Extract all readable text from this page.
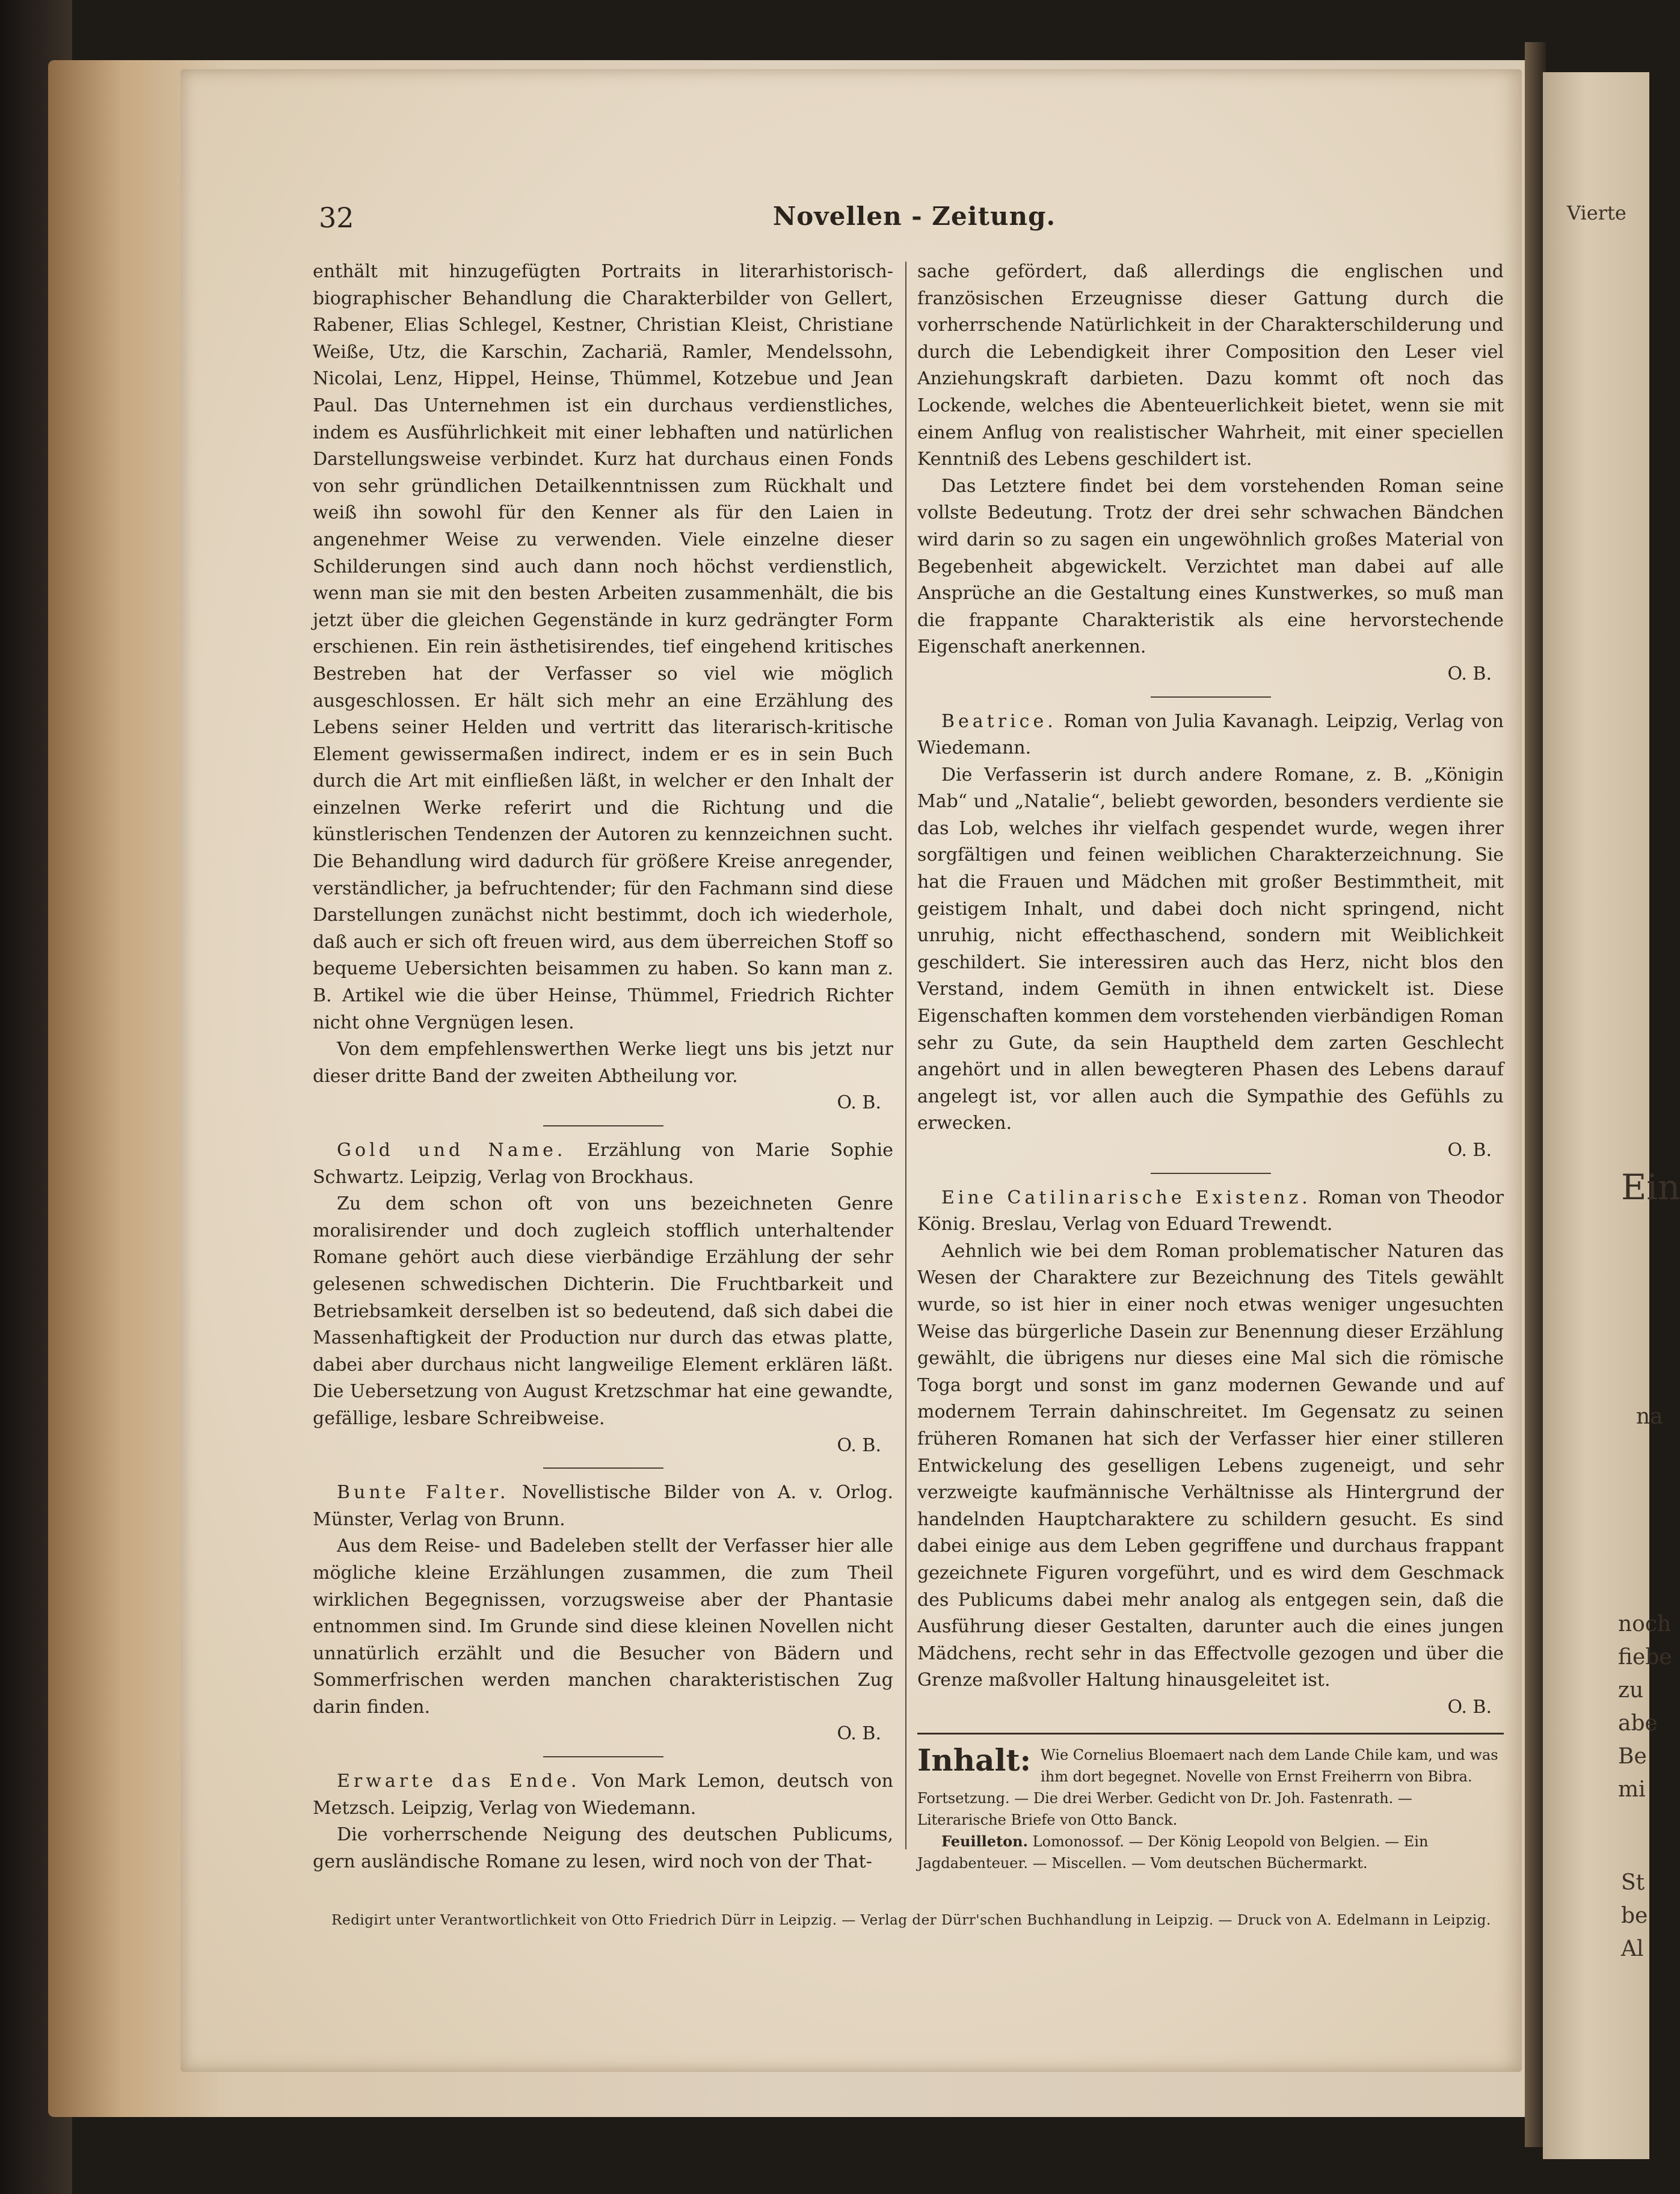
Vierte
Ein
na
noch
fiebe
zu
abe
Be
mi
St
be
Al
32	Novellen - Zeitung.

enthält mit hinzugefügten Portraits in literarhistorisch-biographischer Behandlung die Charakterbilder von Gellert, Rabener, Elias Schlegel, Kestner, Christian Kleist, Christiane Weiße, Utz, die Karschin, Zachariä, Ramler, Mendelssohn, Nicolai, Lenz, Hippel, Heinse, Thümmel, Kotzebue und Jean Paul. Das Unternehmen ist ein durchaus verdienstliches, indem es Ausführlichkeit mit einer lebhaften und natürlichen Darstellungsweise verbindet. Kurz hat durchaus einen Fonds von sehr gründlichen Detailkenntnissen zum Rückhalt und weiß ihn sowohl für den Kenner als für den Laien in angenehmer Weise zu verwenden. Viele einzelne dieser Schilderungen sind auch dann noch höchst verdienstlich, wenn man sie mit den besten Arbeiten zusammenhält, die bis jetzt über die gleichen Gegenstände in kurz gedrängter Form erschienen. Ein rein ästhetisirendes, tief eingehend kritisches Bestreben hat der Verfasser so viel wie möglich ausgeschlossen. Er hält sich mehr an eine Erzählung des Lebens seiner Helden und vertritt das literarisch-kritische Element gewissermaßen indirect, indem er es in sein Buch durch die Art mit einfließen läßt, in welcher er den Inhalt der einzelnen Werke referirt und die Richtung und die künstlerischen Tendenzen der Autoren zu kennzeichnen sucht. Die Behandlung wird dadurch für größere Kreise anregender, verständlicher, ja befruchtender; für den Fachmann sind diese Darstellungen zunächst nicht bestimmt, doch ich wiederhole, daß auch er sich oft freuen wird, aus dem überreichen Stoff so bequeme Uebersichten beisammen zu haben. So kann man z. B. Artikel wie die über Heinse, Thümmel, Friedrich Richter nicht ohne Vergnügen lesen.

Von dem empfehlenswerthen Werke liegt uns bis jetzt nur dieser dritte Band der zweiten Abtheilung vor.

O. B.

Gold und Name. Erzählung von Marie Sophie Schwartz. Leipzig, Verlag von Brockhaus.

Zu dem schon oft von uns bezeichneten Genre moralisirender und doch zugleich stofflich unterhaltender Romane gehört auch diese vierbändige Erzählung der sehr gelesenen schwedischen Dichterin. Die Fruchtbarkeit und Betriebsamkeit derselben ist so bedeutend, daß sich dabei die Massenhaftigkeit der Production nur durch das etwas platte, dabei aber durchaus nicht langweilige Element erklären läßt. Die Uebersetzung von August Kretzschmar hat eine gewandte, gefällige, lesbare Schreibweise.

O. B.

Bunte Falter. Novellistische Bilder von A. v. Orlog. Münster, Verlag von Brunn.

Aus dem Reise- und Badeleben stellt der Verfasser hier alle mögliche kleine Erzählungen zusammen, die zum Theil wirklichen Begegnissen, vorzugsweise aber der Phantasie entnommen sind. Im Grunde sind diese kleinen Novellen nicht unnatürlich erzählt und die Besucher von Bädern und Sommerfrischen werden manchen charakteristischen Zug darin finden.

O. B.

Erwarte das Ende. Von Mark Lemon, deutsch von Metzsch. Leipzig, Verlag von Wiedemann.

Die vorherrschende Neigung des deutschen Publicums, gern ausländische Romane zu lesen, wird noch von der That-

sache gefördert, daß allerdings die englischen und französischen Erzeugnisse dieser Gattung durch die vorherrschende Natürlichkeit in der Charakterschilderung und durch die Lebendigkeit ihrer Composition den Leser viel Anziehungskraft darbieten. Dazu kommt oft noch das Lockende, welches die Abenteuerlichkeit bietet, wenn sie mit einem Anflug von realistischer Wahrheit, mit einer speciellen Kenntniß des Lebens geschildert ist.

Das Letztere findet bei dem vorstehenden Roman seine vollste Bedeutung. Trotz der drei sehr schwachen Bändchen wird darin so zu sagen ein ungewöhnlich großes Material von Begebenheit abgewickelt. Verzichtet man dabei auf alle Ansprüche an die Gestaltung eines Kunstwerkes, so muß man die frappante Charakteristik als eine hervorstechende Eigenschaft anerkennen.

O. B.

Beatrice. Roman von Julia Kavanagh. Leipzig, Verlag von Wiedemann.

Die Verfasserin ist durch andere Romane, z. B. „Königin Mab“ und „Natalie“, beliebt geworden, besonders verdiente sie das Lob, welches ihr vielfach gespendet wurde, wegen ihrer sorgfältigen und feinen weiblichen Charakterzeichnung. Sie hat die Frauen und Mädchen mit großer Bestimmtheit, mit geistigem Inhalt, und dabei doch nicht springend, nicht unruhig, nicht effecthaschend, sondern mit Weiblichkeit geschildert. Sie interessiren auch das Herz, nicht blos den Verstand, indem Gemüth in ihnen entwickelt ist. Diese Eigenschaften kommen dem vorstehenden vierbändigen Roman sehr zu Gute, da sein Hauptheld dem zarten Geschlecht angehört und in allen bewegteren Phasen des Lebens darauf angelegt ist, vor allen auch die Sympathie des Gefühls zu erwecken.

O. B.

Eine Catilinarische Existenz. Roman von Theodor König. Breslau, Verlag von Eduard Trewendt.

Aehnlich wie bei dem Roman problematischer Naturen das Wesen der Charaktere zur Bezeichnung des Titels gewählt wurde, so ist hier in einer noch etwas weniger ungesuchten Weise das bürgerliche Dasein zur Benennung dieser Erzählung gewählt, die übrigens nur dieses eine Mal sich die römische Toga borgt und sonst im ganz modernen Gewande und auf modernem Terrain dahinschreitet. Im Gegensatz zu seinen früheren Romanen hat sich der Verfasser hier einer stilleren Entwickelung des geselligen Lebens zugeneigt, und sehr verzweigte kaufmännische Verhältnisse als Hintergrund der handelnden Hauptcharaktere zu schildern gesucht. Es sind dabei einige aus dem Leben gegriffene und durchaus frappant gezeichnete Figuren vorgeführt, und es wird dem Geschmack des Publicums dabei mehr analog als entgegen sein, daß die Ausführung dieser Gestalten, darunter auch die eines jungen Mädchens, recht sehr in das Effectvolle gezogen und über die Grenze maßvoller Haltung hinausgeleitet ist.

O. B.

Inhalt: Wie Cornelius Bloemaert nach dem Lande Chile kam, und was ihm dort begegnet. Novelle von Ernst Freiherrn von Bibra. Fortsetzung. — Die drei Werber. Gedicht von Dr. Joh. Fastenrath. — Literarische Briefe von Otto Banck.

Feuilleton. Lomonossof. — Der König Leopold von Belgien. — Ein Jagdabenteuer. — Miscellen. — Vom deutschen Büchermarkt.

Redigirt unter Verantwortlichkeit von Otto Friedrich Dürr in Leipzig. — Verlag der Dürr'schen Buchhandlung in Leipzig. — Druck von A. Edelmann in Leipzig.
